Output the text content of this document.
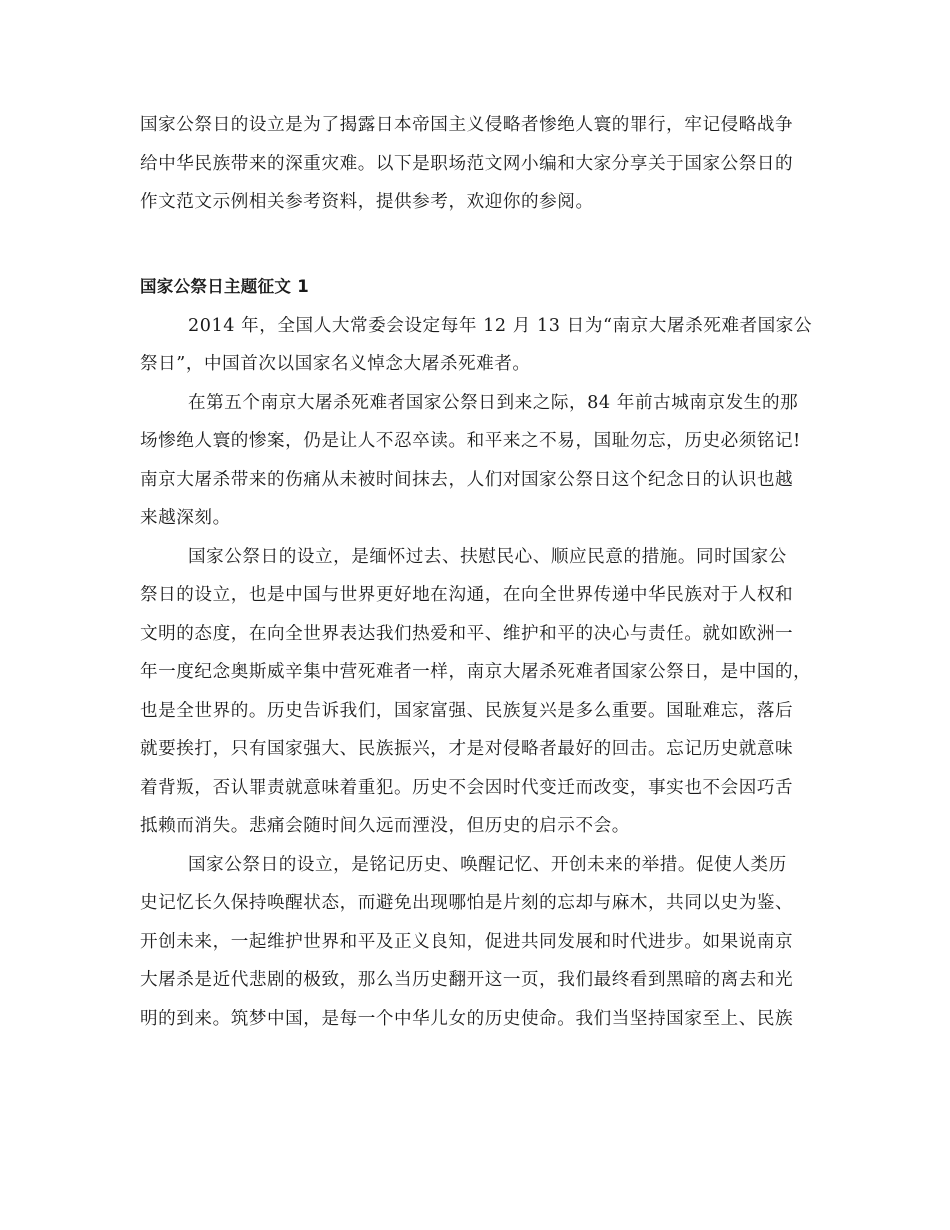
国家公祭日的设立是为了揭露日本帝国主义侵略者惨绝人寰的罪行，牢记侵略战争
给中华民族带来的深重灾难。以下是职场范文网小编和大家分享关于国家公祭日的
作文范文示例相关参考资料，提供参考，欢迎你的参阅。
国家公祭日主题征文 1
2014 年，全国人大常委会设定每年 12 月 13 日为“南京大屠杀死难者国家公
祭日”，中国首次以国家名义悼念大屠杀死难者。
在第五个南京大屠杀死难者国家公祭日到来之际，84 年前古城南京发生的那
场惨绝人寰的惨案，仍是让人不忍卒读。和平来之不易，国耻勿忘，历史必须铭记!
南京大屠杀带来的伤痛从未被时间抹去，人们对国家公祭日这个纪念日的认识也越
来越深刻。
国家公祭日的设立，是缅怀过去、扶慰民心、顺应民意的措施。同时国家公
祭日的设立，也是中国与世界更好地在沟通，在向全世界传递中华民族对于人权和
文明的态度，在向全世界表达我们热爱和平、维护和平的决心与责任。就如欧洲一
年一度纪念奥斯威辛集中营死难者一样，南京大屠杀死难者国家公祭日，是中国的，
也是全世界的。历史告诉我们，国家富强、民族复兴是多么重要。国耻难忘，落后
就要挨打，只有国家强大、民族振兴，才是对侵略者最好的回击。忘记历史就意味
着背叛，否认罪责就意味着重犯。历史不会因时代变迁而改变，事实也不会因巧舌
抵赖而消失。悲痛会随时间久远而湮没，但历史的启示不会。
国家公祭日的设立，是铭记历史、唤醒记忆、开创未来的举措。促使人类历
史记忆长久保持唤醒状态，而避免出现哪怕是片刻的忘却与麻木，共同以史为鉴、
开创未来，一起维护世界和平及正义良知，促进共同发展和时代进步。如果说南京
大屠杀是近代悲剧的极致，那么当历史翻开这一页，我们最终看到黑暗的离去和光
明的到来。筑梦中国，是每一个中华儿女的历史使命。我们当坚持国家至上、民族
